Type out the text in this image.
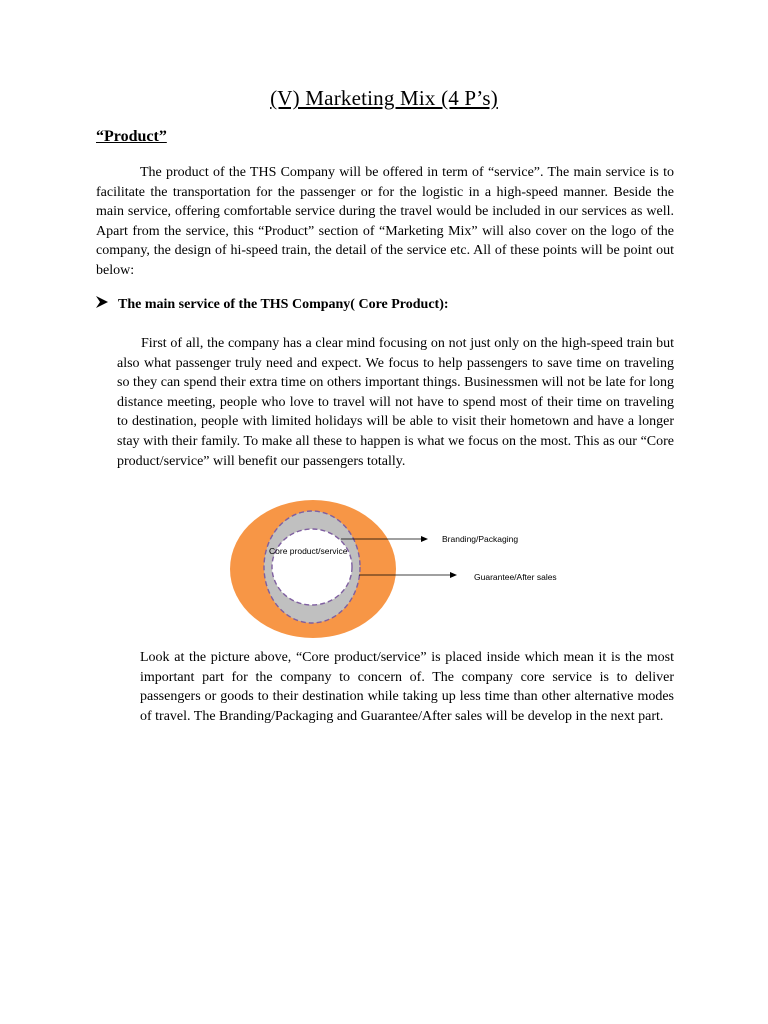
(V) Marketing Mix (4 P’s)
“Product”

The product of the THS Company will be offered in term of “service”. The main service is to facilitate the transportation for the passenger or for the logistic in a high-speed manner. Beside the main service, offering comfortable service during the travel would be included in our services as well. Apart from the service, this “Product” section of “Marketing Mix” will also cover on the logo of the company, the design of hi-speed train, the detail of the service etc. All of these points will be point out below:

The main service of the THS Company( Core Product):

First of all, the company has a clear mind focusing on not just only on the high-speed train but also what passenger truly need and expect. We focus to help passengers to save time on traveling so they can spend their extra time on others important things. Businessmen will not be late for long distance meeting, people who love to travel will not have to spend most of their time on traveling to destination, people with limited holidays will be able to visit their hometown and have a longer stay with their family. To make all these to happen is what we focus on the most. This as our “Core product/service” will benefit our passengers totally.

Core product/service
Branding/Packaging
Guarantee/After sales

Look at the picture above, “Core product/service” is placed inside which mean it is the most important part for the company to concern of. The company core service is to deliver passengers or goods to their destination while taking up less time than other alternative modes of travel. The Branding/Packaging and Guarantee/After sales will be develop in the next part.
